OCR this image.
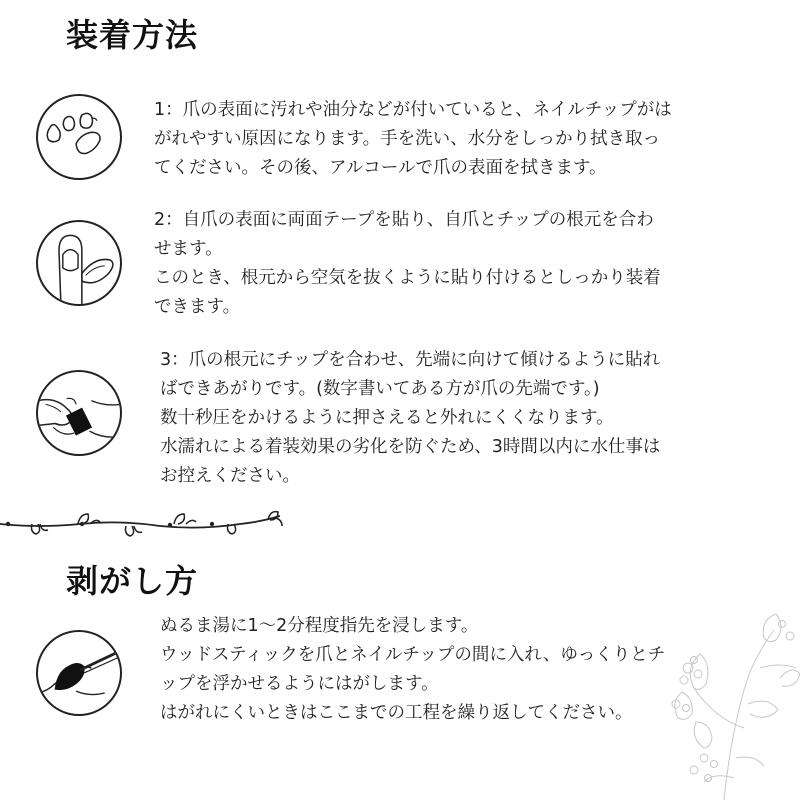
装着方法
1：爪の表面に汚れや油分などが付いていると、ネイルチップがは
がれやすい原因になります。手を洗い、水分をしっかり拭き取っ
てください。その後、アルコールで爪の表面を拭きます。
2：自爪の表面に両面テープを貼り、自爪とチップの根元を合わ
せます。
このとき、根元から空気を抜くように貼り付けるとしっかり装着
できます。
3：爪の根元にチップを合わせ、先端に向けて傾けるように貼れ
ばできあがりです。(数字書いてある方が爪の先端です。)
数十秒圧をかけるように押さえると外れにくくなります。
水濡れによる着装効果の劣化を防ぐため、3時間以内に水仕事は
お控えください。
剥がし方
ぬるま湯に1〜2分程度指先を浸します。
ウッドスティックを爪とネイルチップの間に入れ、ゆっくりとチ
ップを浮かせるようにはがします。
はがれにくいときはここまでの工程を繰り返してください。
